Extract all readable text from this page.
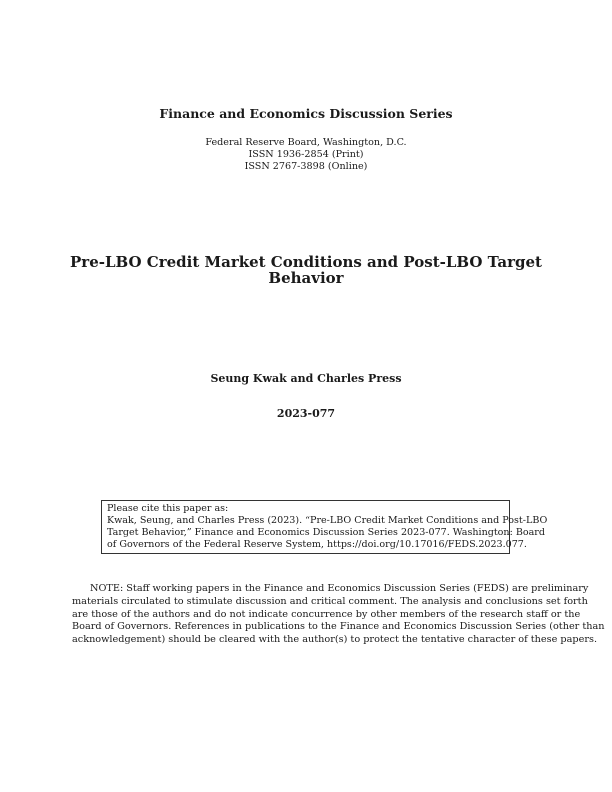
Finance and Economics Discussion Series
Federal Reserve Board, Washington, D.C.
ISSN 1936-2854 (Print)
ISSN 2767-3898 (Online)
Pre-LBO Credit Market Conditions and Post-LBO Target
Behavior
Seung Kwak and Charles Press
2023-077
Please cite this paper as:
Kwak, Seung, and Charles Press (2023). “Pre-LBO Credit Market Conditions and Post-LBO
Target Behavior,” Finance and Economics Discussion Series 2023-077. Washington: Board
of Governors of the Federal Reserve System, https://doi.org/10.17016/FEDS.2023.077.
NOTE: Staff working papers in the Finance and Economics Discussion Series (FEDS) are preliminary
materials circulated to stimulate discussion and critical comment. The analysis and conclusions set forth
are those of the authors and do not indicate concurrence by other members of the research staff or the
Board of Governors. References in publications to the Finance and Economics Discussion Series (other than
acknowledgement) should be cleared with the author(s) to protect the tentative character of these papers.
